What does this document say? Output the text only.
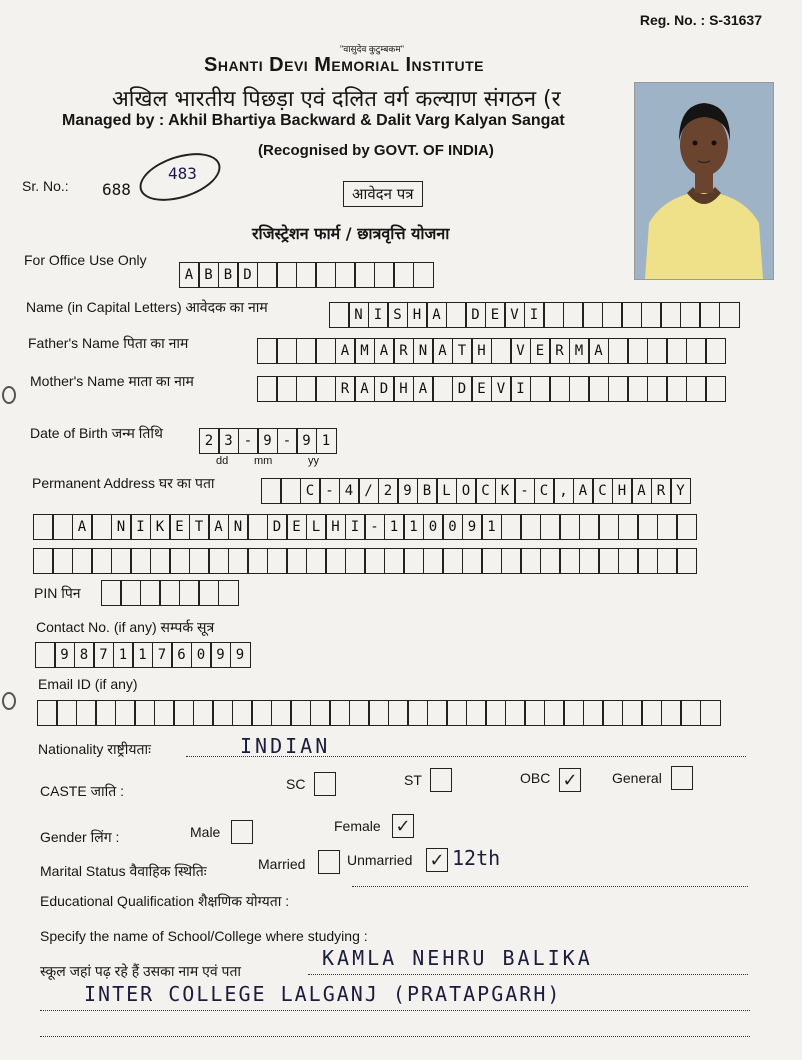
Reg. No. : S-31637
"वासुदेव कुटुम्बकम"
Shanti Devi Memorial Institute
अखिल भारतीय पिछड़ा एवं दलित वर्ग कल्याण संगठन (र
Managed by : Akhil Bhartiya Backward & Dalit Varg Kalyan Sangat
(Recognised by GOVT. OF INDIA)
Sr. No.: 688
483
आवेदन पत्र
रजिस्ट्रेशन फार्म / छात्रवृत्ति योजना
For Office Use Only
A B B D
Name (in Capital Letters) आवेदक का नाम	N I S H A	D E V I
Father's Name पिता का नाम	A M A R N A T H	V E R M A
Mother's Name माता का नाम	R A D H A	D E V I
Date of Birth जन्म तिथि	2 3 - 9 - 9 1
dd mm	yy
Permanent Address घर का पता	C - 4 / 2 9 B L O C K - C , A C H A R Y
A	N I K E T A N	D E L H I - 1 1 0 0 9 1
PIN पिन
Contact No. (if any) सम्पर्क सूत्र
9 8 7 1 1 7 6 0 9 9
Email ID (if any)
Nationality राष्ट्रीयताः	INDIAN
CASTE जाति :	SC	ST	OBC ✓ General
Gender लिंग :	Male	Female ✓
Marital Status वैवाहिक स्थितिः	Married	Unmarried ✓ 12th
Educational Qualification शैक्षणिक योग्यता :
Specify the name of School/College where studying :
स्कूल जहां पढ़ रहे हैं उसका नाम एवं पता
KAMLA NEHRU BALIKA
INTER COLLEGE LALGANJ (PRATAPGARH)
